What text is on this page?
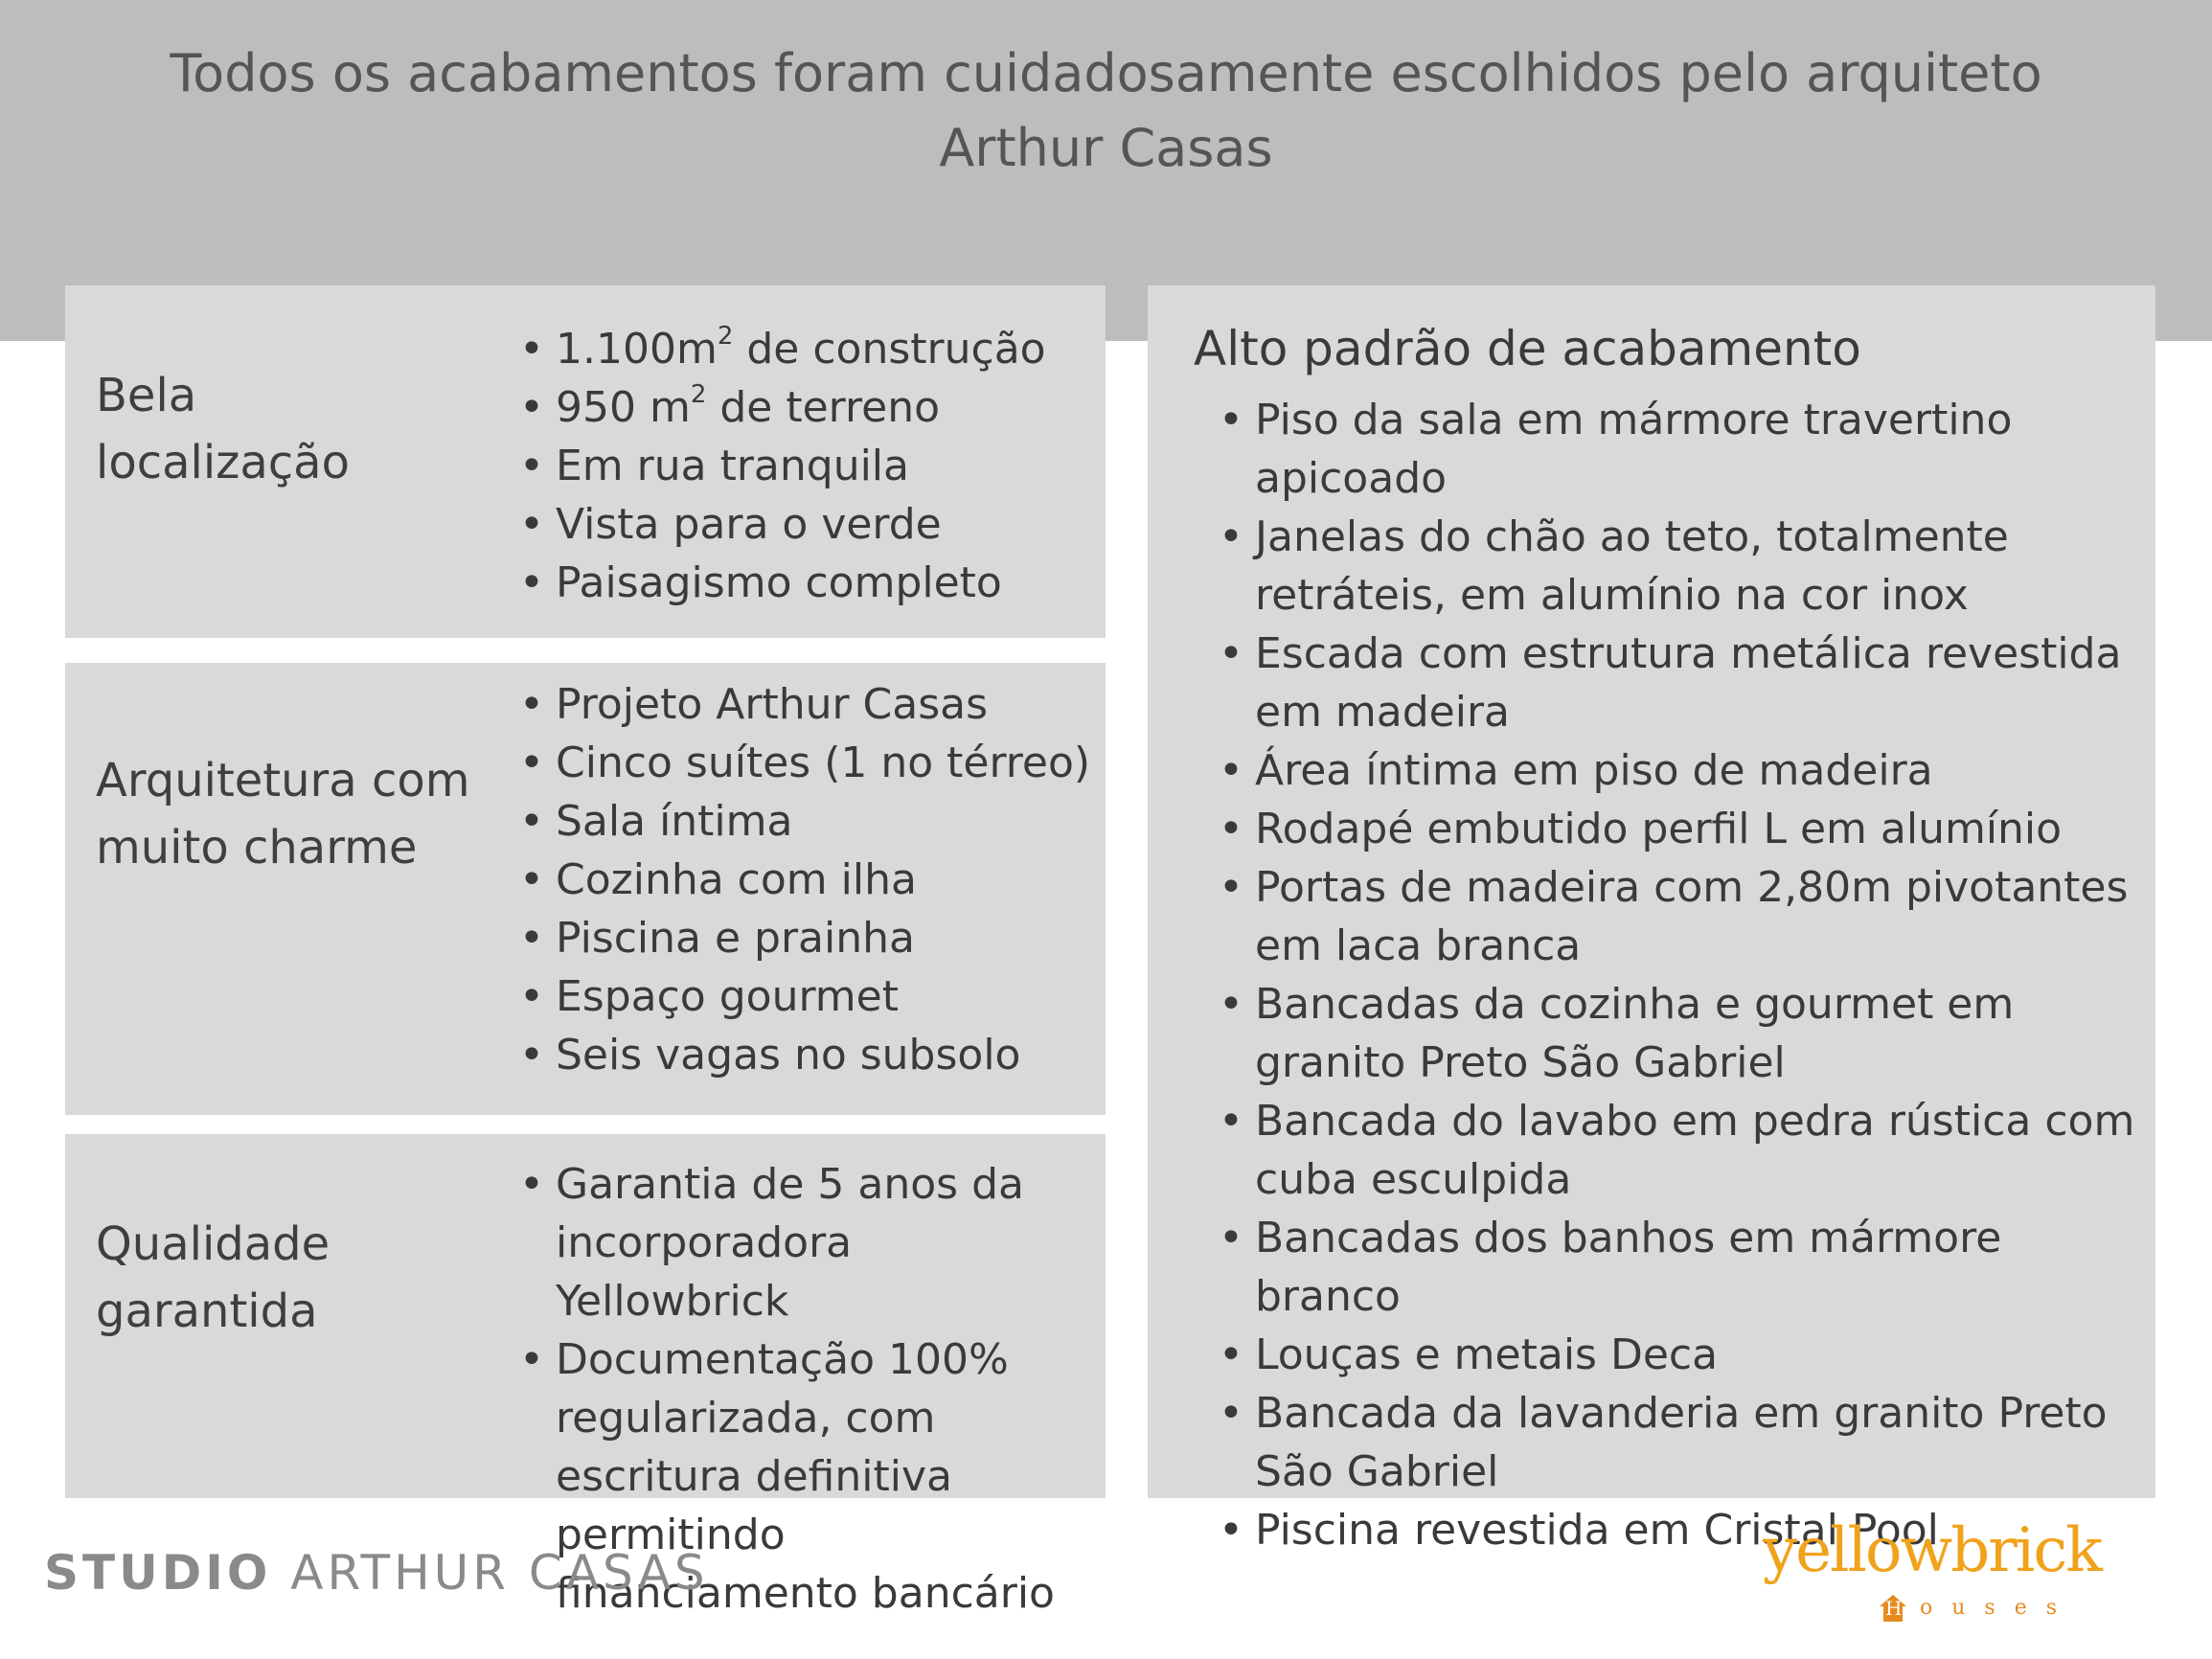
Todos os acabamentos foram cuidadosamente escolhidos pelo arquiteto
Arthur Casas
Bela
localização
• $1.100m^2$ de construção
• 950 $m^2$ de terreno
• Em rua tranquila
• Vista para o verde
• Paisagismo completo
Arquitetura com
muito charme
• Projeto Arthur Casas
• Cinco suítes (1 no térreo)
• Sala íntima
• Cozinha com ilha
• Piscina e prainha
• Espaço gourmet
• Seis vagas no subsolo
Qualidade
garantida
• Garantia de 5 anos da incorporadora Yellowbrick
• Documentação 100% regularizada, com escritura definitiva permitindo financiamento bancário
Alto padrão de acabamento
• Piso da sala em mármore travertino apicoado
• Janelas do chão ao teto, totalmente retráteis, em alumínio na cor inox
• Escada com estrutura metálica revestida em madeira
• Área íntima em piso de madeira
• Rodapé embutido perfil L em alumínio
• Portas de madeira com 2,80m pivotantes em laca branca
• Bancadas da cozinha e gourmet em granito Preto São Gabriel
• Bancada do lavabo em pedra rústica com cuba esculpida
• Bancadas dos banhos em mármore branco
• Louças e metais Deca
• Bancada da lavanderia em granito Preto São Gabriel
• Piscina revestida em Cristal Pool
STUDIO ARTHUR CASAS	yellowbrick
H ouses
